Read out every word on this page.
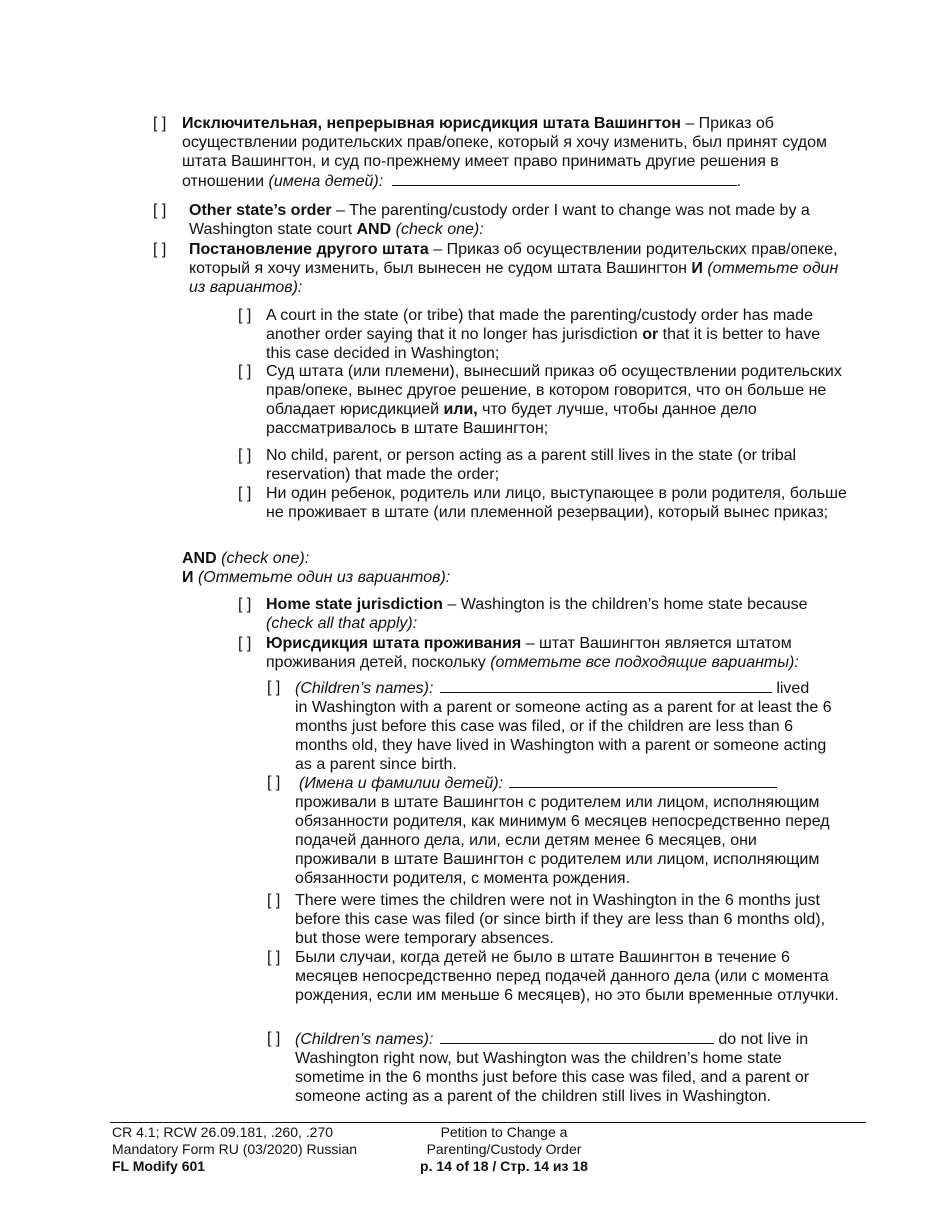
[ ] Исключительная, непрерывная юрисдикция штата Вашингтон – Приказ об осуществлении родительских прав/опеке, который я хочу изменить, был принят судом штата Вашингтон, и суд по-прежнему имеет право принимать другие решения в отношении (имена детей):	.
[ ] Other state’s order – The parenting/custody order I want to change was not made by a Washington state court AND (check one):
[ ] Постановление другого штата – Приказ об осуществлении родительских прав/опеке, который я хочу изменить, был вынесен не судом штата Вашингтон И (отметьте один из вариантов):
[ ] A court in the state (or tribe) that made the parenting/custody order has made another order saying that it no longer has jurisdiction or that it is better to have this case decided in Washington;
[ ] Суд штата (или племени), вынесший приказ об осуществлении родительских прав/опеке, вынес другое решение, в котором говорится, что он больше не обладает юрисдикцией или, что будет лучше, чтобы данное дело рассматривалось в штате Вашингтон;
[ ] No child, parent, or person acting as a parent still lives in the state (or tribal reservation) that made the order;
[ ] Ни один ребенок, родитель или лицо, выступающее в роли родителя, больше не проживает в штате (или племенной резервации), который вынес приказ;
AND (check one):
И (Отметьте один из вариантов):
[ ] Home state jurisdiction – Washington is the children’s home state because (check all that apply):
[ ] Юрисдикция штата проживания – штат Вашингтон является штатом проживания детей, поскольку (отметьте все подходящие варианты):
[ ] (Children’s names):	lived
in Washington with a parent or someone acting as a parent for at least the 6 months just before this case was filed, or if the children are less than 6 months old, they have lived in Washington with a parent or someone acting as a parent since birth.
[ ] (Имена и фамилии детей):
проживали в штате Вашингтон с родителем или лицом, исполняющим обязанности родителя, как минимум 6 месяцев непосредственно перед подачей данного дела, или, если детям менее 6 месяцев, они проживали в штате Вашингтон с родителем или лицом, исполняющим обязанности родителя, с момента рождения.
[ ] There were times the children were not in Washington in the 6 months just before this case was filed (or since birth if they are less than 6 months old), but those were temporary absences.
[ ] Были случаи, когда детей не было в штате Вашингтон в течение 6 месяцев непосредственно перед подачей данного дела (или с момента рождения, если им меньше 6 месяцев), но это были временные отлучки.
[ ] (Children’s names):	do not live in
Washington right now, but Washington was the children’s home state sometime in the 6 months just before this case was filed, and a parent or someone acting as a parent of the children still lives in Washington.
CR 4.1; RCW 26.09.181, .260, .270
Mandatory Form RU (03/2020) Russian
FL Modify 601
Petition to Change a
Parenting/Custody Order
p. 14 of 18 / Стр. 14 из 18
